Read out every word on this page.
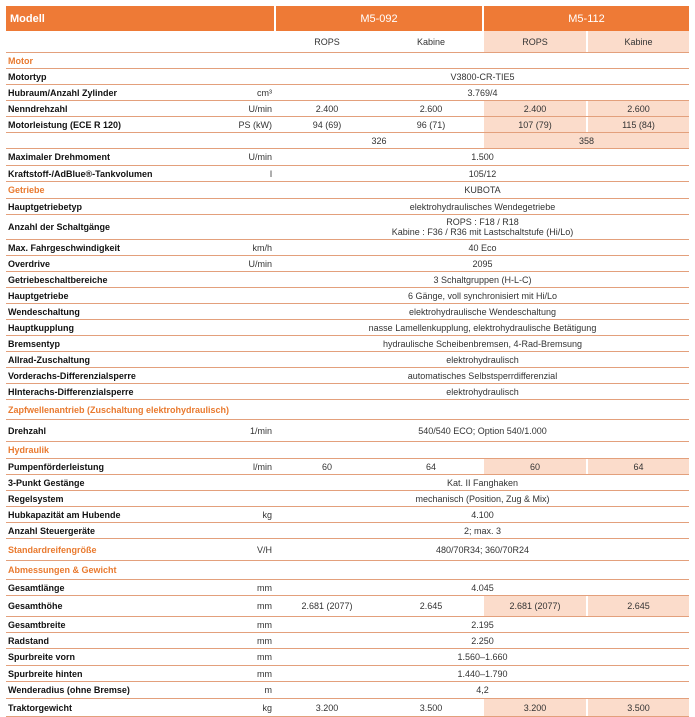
Modell	M5-092	M5-112
ROPS	Kabine	ROPS	Kabine
Motor
Motortyp	V3800-CR-TIE5
Hubraum/Anzahl Zylinder	cm³	3.769/4
Nenndrehzahl	U/min	2.400	2.600	2.400	2.600
Motorleistung (ECE R 120)	PS (kW)	94 (69)	96 (71)	107 (79)	115 (84)
326	358
Maximaler Drehmoment	U/min	1.500
Kraftstoff-/AdBlue®-Tankvolumen	l	105/12
Getriebe	KUBOTA
Hauptgetriebetyp	elektrohydraulisches Wendegetriebe
Anzahl der Schaltgänge	ROPS : F18 / R18
Kabine : F36 / R36 mit Lastschaltstufe (Hi/Lo)
Max. Fahrgeschwindigkeit	km/h	40 Eco
Overdrive	U/min	2095
Getriebeschaltbereiche	3 Schaltgruppen (H-L-C)
Hauptgetriebe	6 Gänge, voll synchronisiert mit Hi/Lo
Wendeschaltung	elektrohydraulische Wendeschaltung
Hauptkupplung	nasse Lamellenkupplung, elektrohydraulische Betätigung
Bremsentyp	hydraulische Scheibenbremsen, 4-Rad-Bremsung
Allrad-Zuschaltung	elektrohydraulisch
Vorderachs-Differenzialsperre	automatisches Selbstsperrdifferenzial
HInterachs-Differenzialsperre	elektrohydraulisch
Zapfwellenantrieb (Zuschaltung elektrohydraulisch)
Drehzahl	1/min	540/540 ECO; Option 540/1.000
Hydraulik
Pumpenförderleistung	l/min	60	64	60	64
3-Punkt Gestänge	Kat. II Fanghaken
Regelsystem	mechanisch (Position, Zug & Mix)
Hubkapazität am Hubende	kg	4.100
Anzahl Steuergeräte	2; max. 3
Standardreifengröße	V/H	480/70R34; 360/70R24
Abmessungen & Gewicht
Gesamtlänge	mm	4.045
Gesamthöhe	mm	2.681 (2077)	2.645	2.681 (2077)	2.645
Gesamtbreite	mm	2.195
Radstand	mm	2.250
Spurbreite vorn	mm	1.560–1.660
Spurbreite hinten	mm	1.440–1.790
Wenderadius (ohne Bremse)	m	4,2
Traktorgewicht	kg	3.200	3.500	3.200	3.500
